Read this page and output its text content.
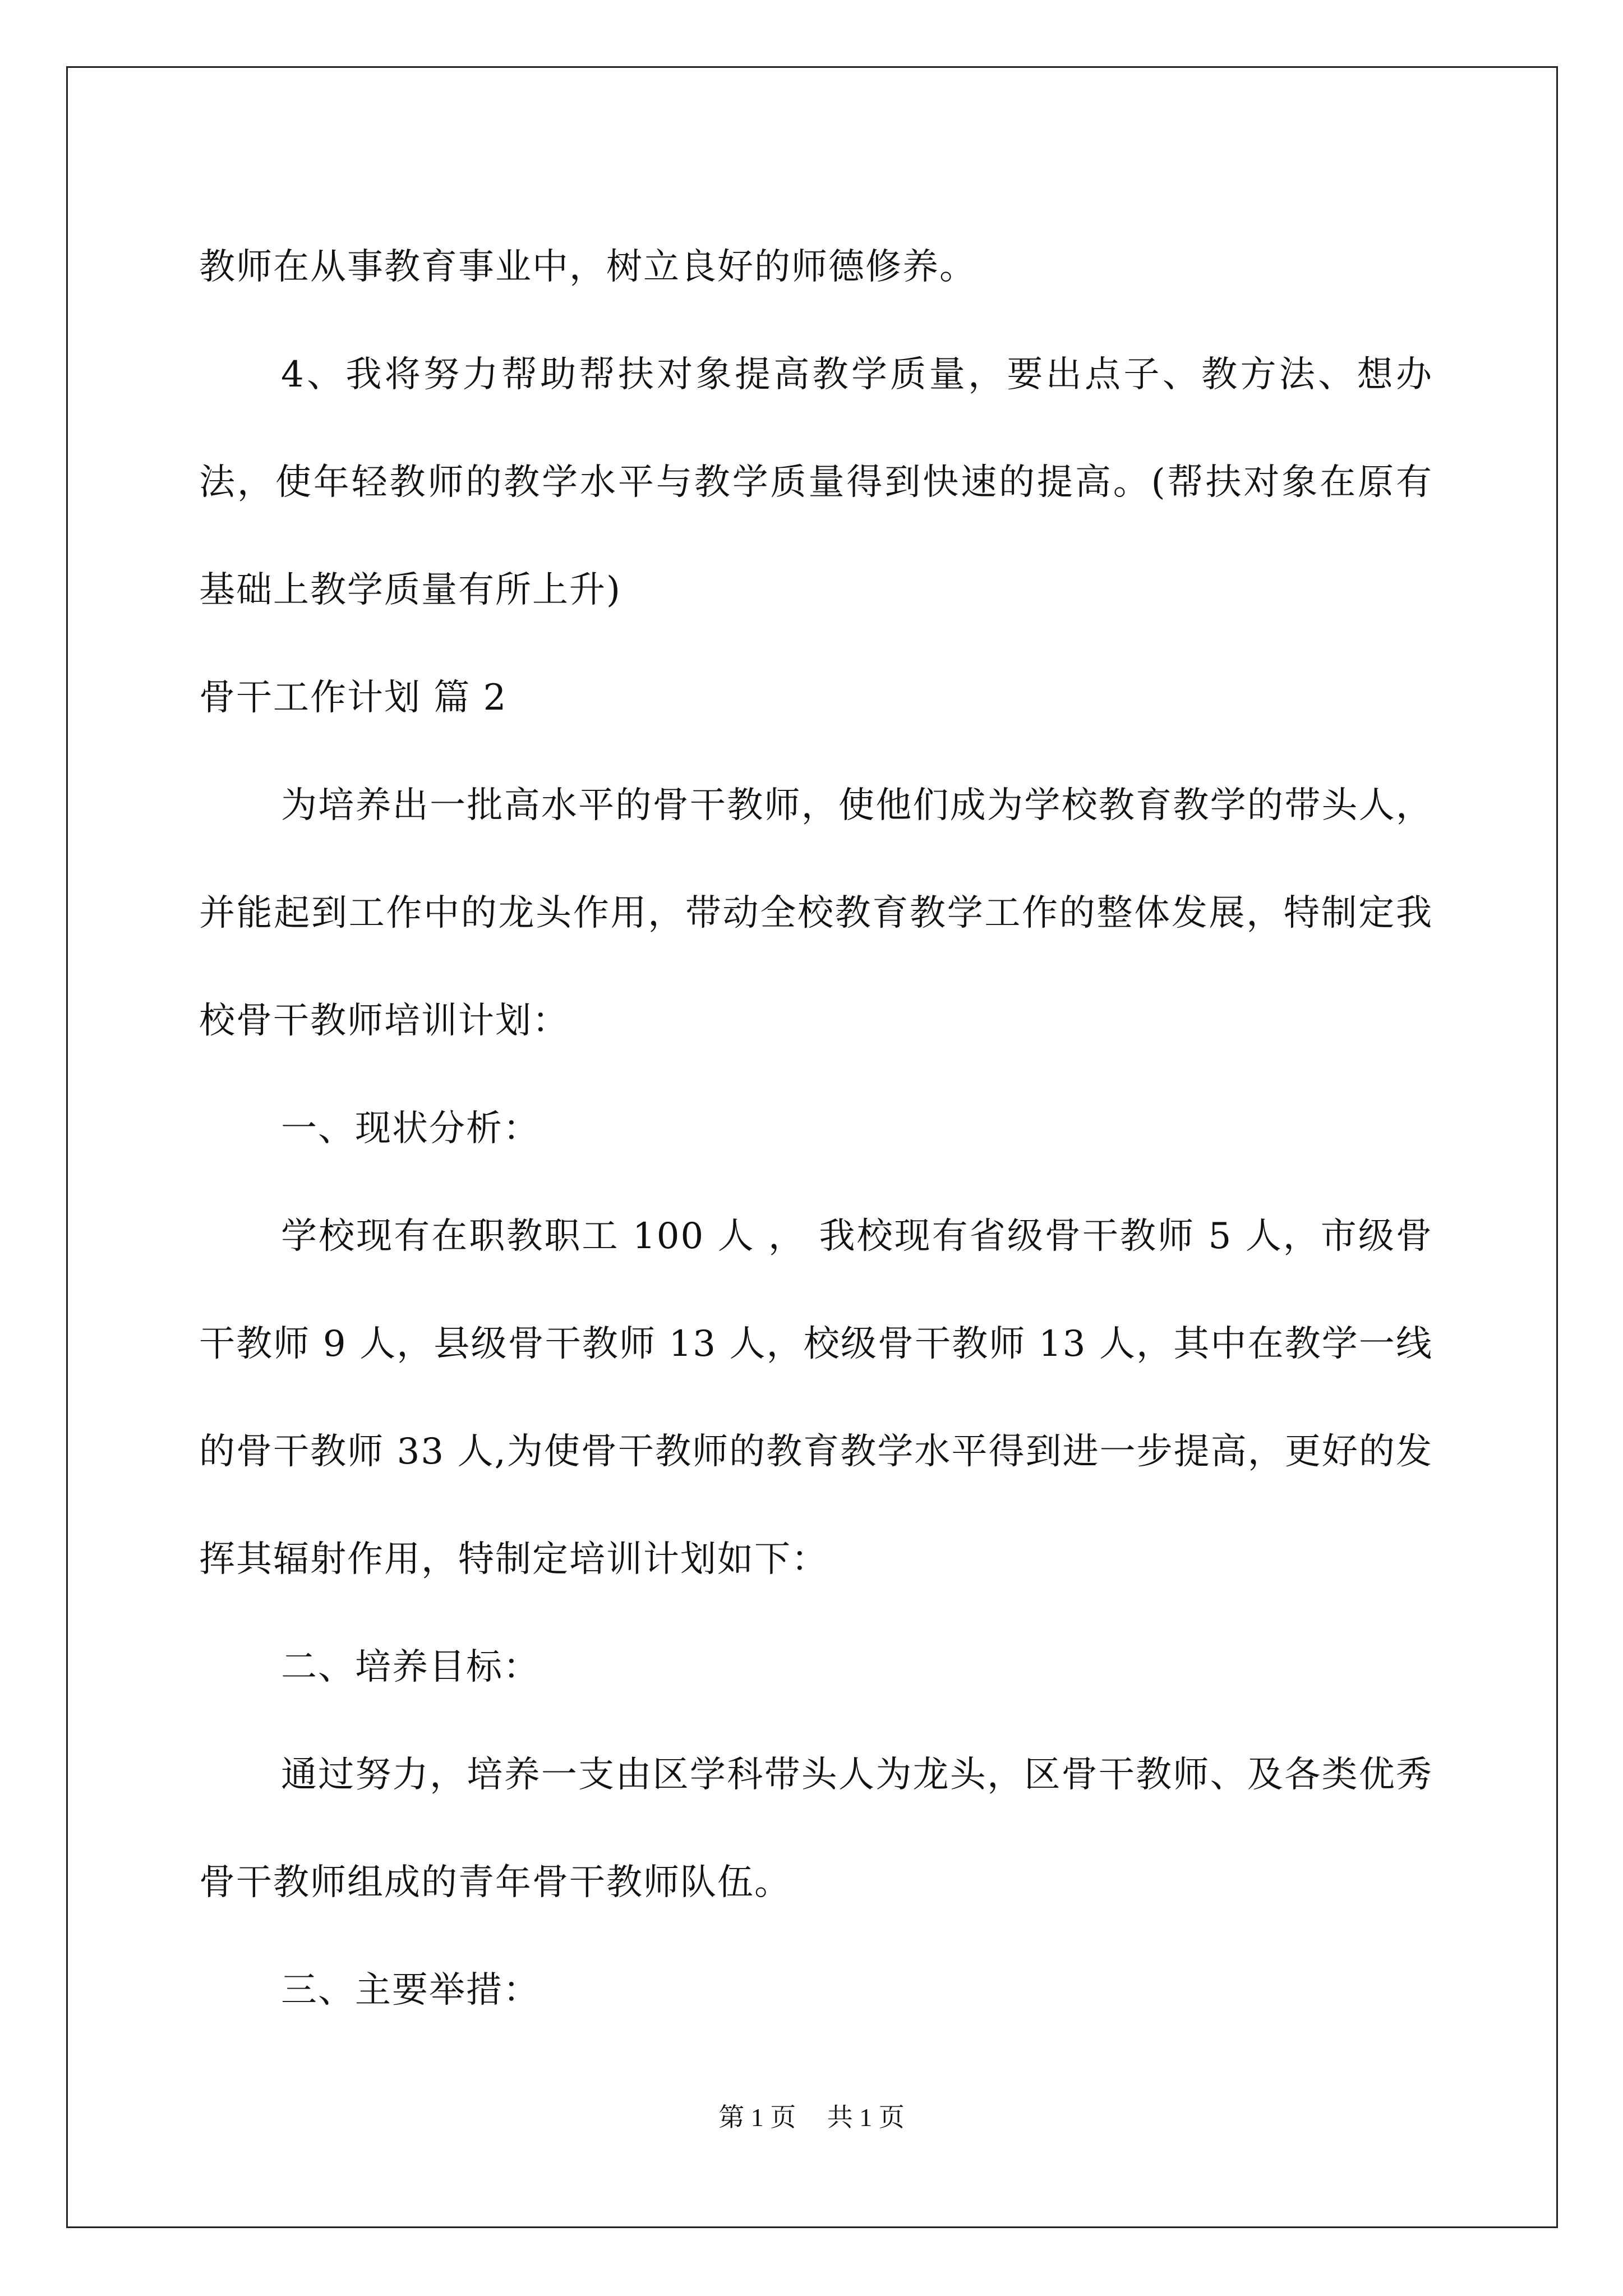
教师在从事教育事业中，树立良好的师德修养。

4、我将努力帮助帮扶对象提高教学质量，要出点子、教方法、想办法，使年轻教师的教学水平与教学质量得到快速的提高。(帮扶对象在原有基础上教学质量有所上升)

骨干工作计划 篇 2

为培养出一批高水平的骨干教师，使他们成为学校教育教学的带头人，并能起到工作中的龙头作用，带动全校教育教学工作的整体发展，特制定我校骨干教师培训计划：

一、现状分析：

学校现有在职教职工 100 人 ， 我校现有省级骨干教师 5 人，市级骨干教师 9 人，县级骨干教师 13 人，校级骨干教师 13 人，其中在教学一线的骨干教师 33 人,为使骨干教师的教育教学水平得到进一步提高，更好的发挥其辐射作用，特制定培训计划如下：

二、培养目标：

通过努力，培养一支由区学科带头人为龙头，区骨干教师、及各类优秀骨干教师组成的青年骨干教师队伍。

三、主要举措：

第 1 页 共 1 页
